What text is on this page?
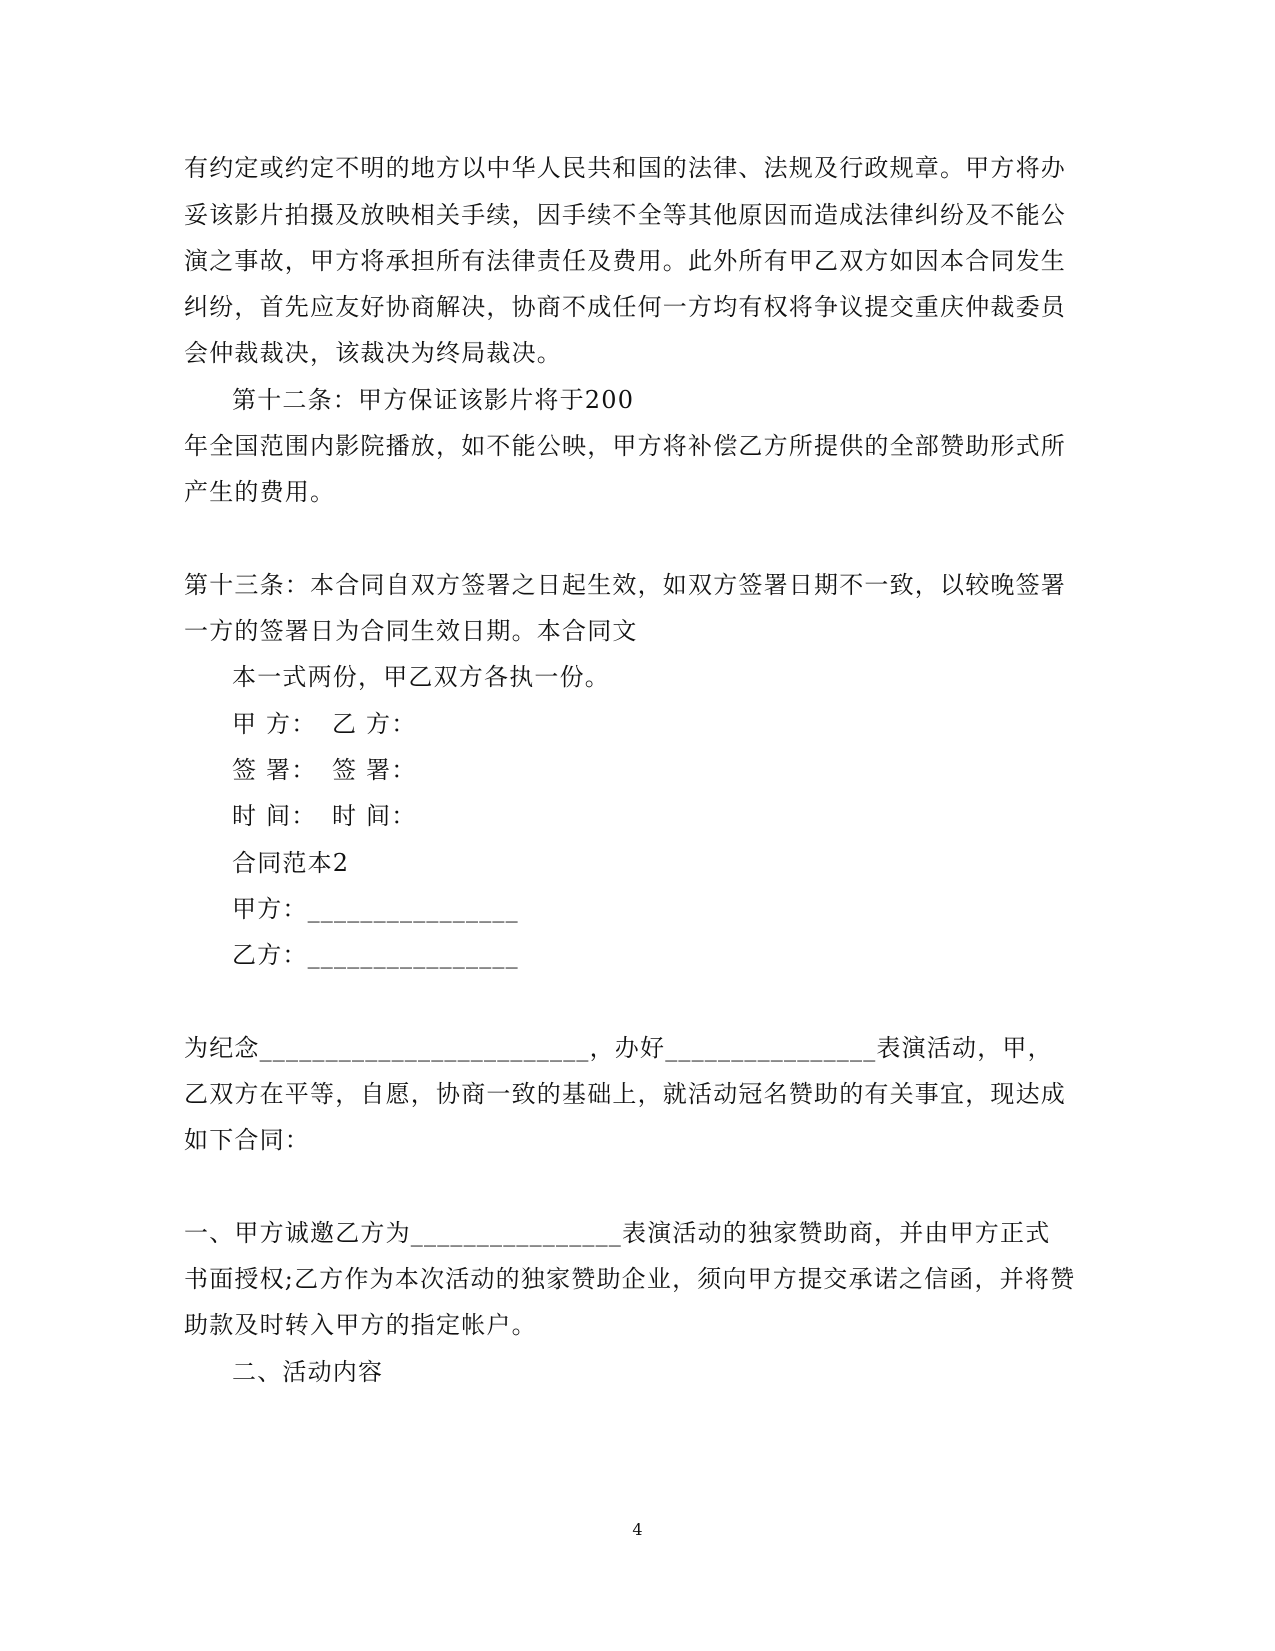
有约定或约定不明的地方以中华人民共和国的法律、法规及行政规章。甲方将办
妥该影片拍摄及放映相关手续，因手续不全等其他原因而造成法律纠纷及不能公
演之事故，甲方将承担所有法律责任及费用。此外所有甲乙双方如因本合同发生
纠纷，首先应友好协商解决，协商不成任何一方均有权将争议提交重庆仲裁委员
会仲裁裁决，该裁决为终局裁决。
第十二条：甲方保证该影片将于200
年全国范围内影院播放，如不能公映，甲方将补偿乙方所提供的全部赞助形式所
产生的费用。
第十三条：本合同自双方签署之日起生效，如双方签署日期不一致，以较晚签署
一方的签署日为合同生效日期。本合同文
本一式两份，甲乙双方各执一份。
甲 方： 乙 方：
签 署： 签 署：
时 间： 时 间：
合同范本2
甲方：________________
乙方：________________
为纪念_________________________，办好________________表演活动，甲，
乙双方在平等，自愿，协商一致的基础上，就活动冠名赞助的有关事宜，现达成
如下合同：
一、甲方诚邀乙方为________________表演活动的独家赞助商，并由甲方正式
书面授权;乙方作为本次活动的独家赞助企业，须向甲方提交承诺之信函，并将赞
助款及时转入甲方的指定帐户。
二、活动内容
4
